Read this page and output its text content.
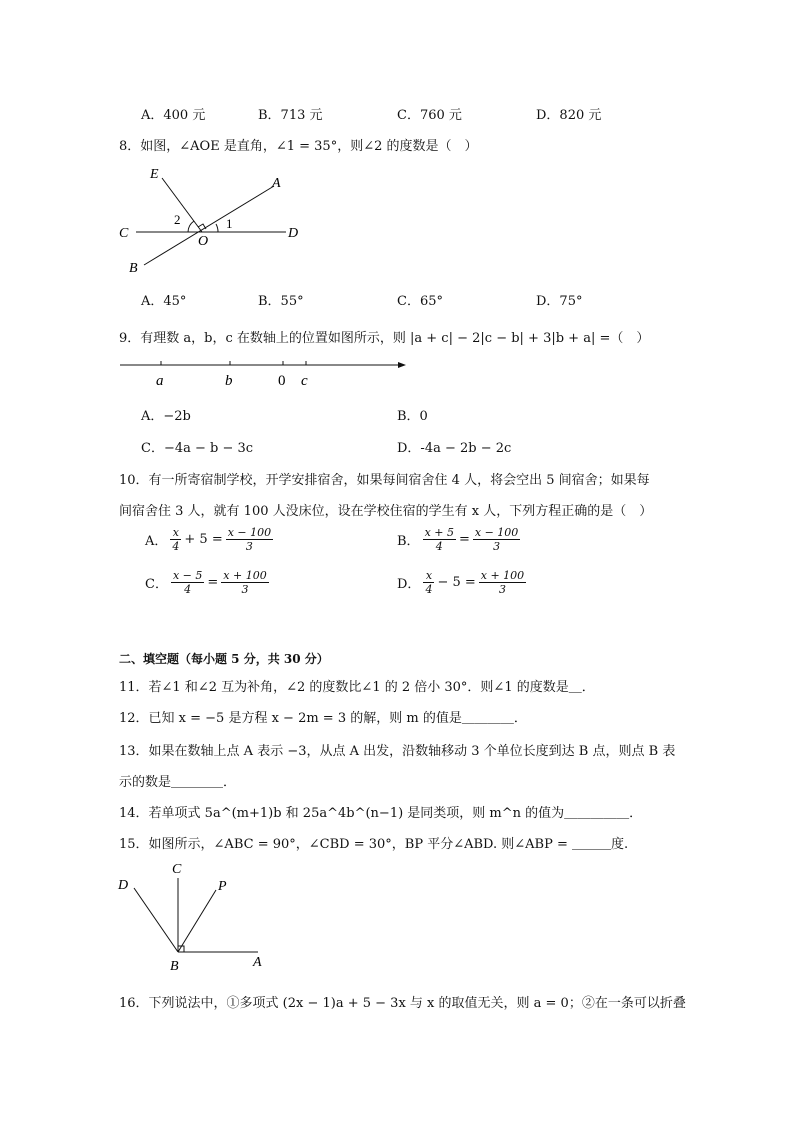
A．400 元	B．713 元	C．760 元	D．820 元
8．如图，∠AOE 是直角，∠1 = 35°，则∠2 的度数是（　）
E
A
C	D
O
B
1
2
A．45°	B．55°	C．65°	D．75°
9．有理数 a，b，c 在数轴上的位置如图所示，则 |a + c| − 2|c − b| + 3|b + a| =（　）
a	b	0 c
A．−2b	B．0
C．−4a − b − 3c	D．-4a − 2b − 2c
10．有一所寄宿制学校，开学安排宿舍，如果每间宿舍住 4 人，将会空出 5 间宿舍；如果每
间宿舍住 3 人，就有 100 人没床位，设在学校住宿的学生有 x 人，下列方程正确的是（　）
A． $\frac{x}{4} + 5 = \frac{x - 100}{3}$	B． $\frac{x + 5}{4} = \frac{x - 100}{3}$
C． $\frac{x - 5}{4} = \frac{x + 100}{3}$	D． $\frac{x}{4} - 5 = \frac{x + 100}{3}$
二、填空题（每小题 5 分，共 30 分）
11．若∠1 和∠2 互为补角，∠2 的度数比∠1 的 2 倍小 30°．则∠1 的度数是＿．
12．已知 x = −5 是方程 x − 2m = 3 的解，则 m 的值是＿＿＿＿．
13．如果在数轴上点 A 表示 −3，从点 A 出发，沿数轴移动 3 个单位长度到达 B 点，则点 B 表
示的数是＿＿＿＿．
14．若单项式 5a^(m+1)b 和 25a^4b^(n−1) 是同类项，则 m^n 的值为＿＿＿＿＿．
15．如图所示，∠ABC = 90°，∠CBD = 30°，BP 平分∠ABD. 则∠ABP = ＿＿＿度.
D
C
P
B	A
16．下列说法中，①多项式 (2x − 1)a + 5 − 3x 与 x 的取值无关，则 a = 0；②在一条可以折叠
